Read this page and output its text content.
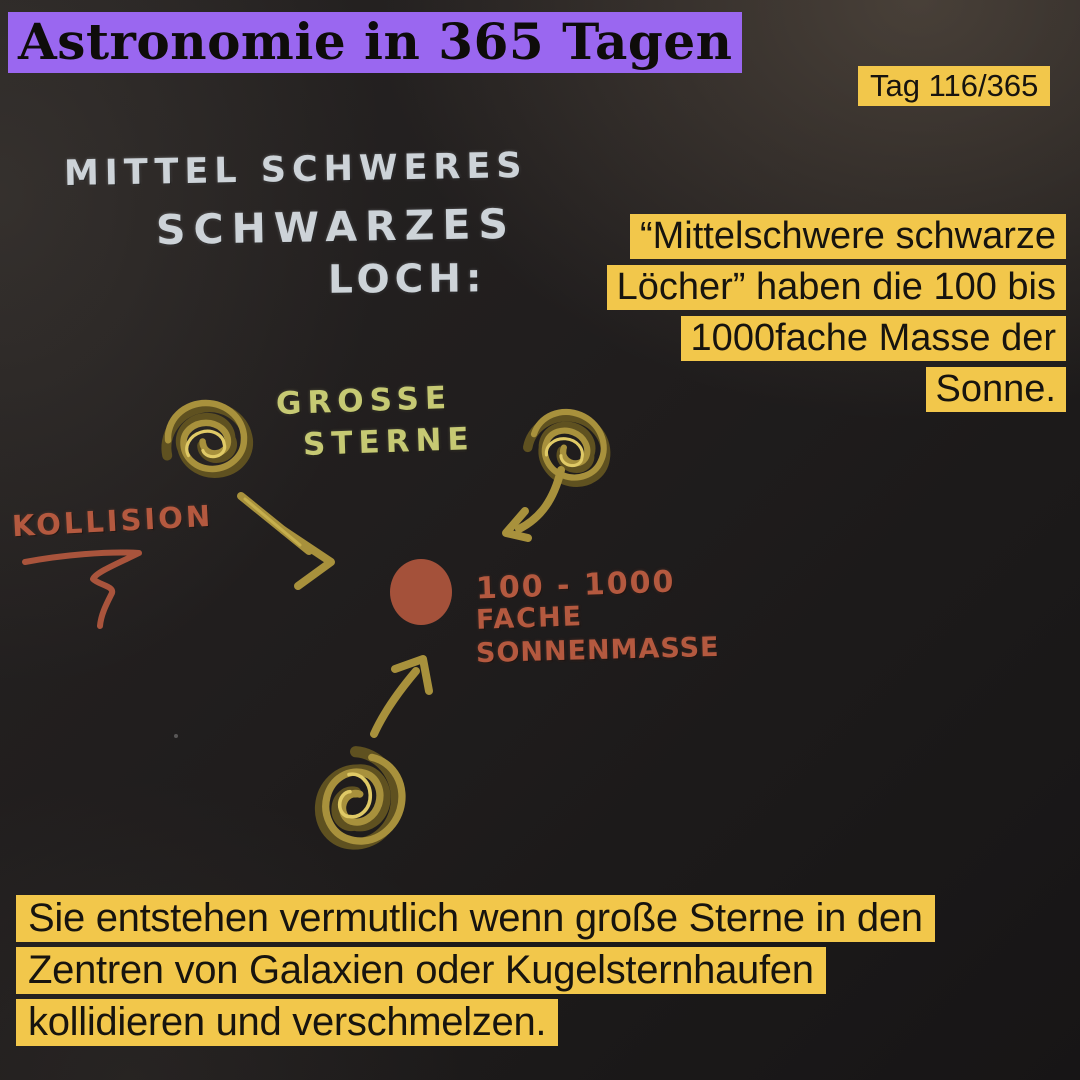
Astronomie in 365 Tagen
Tag 116/365
MITTEL SCHWERES
SCHWARZES
LOCH:
GROSSE
STERNE
KOLLISION
100 - 1000
FACHE
SONNENMASSE
“Mittelschwere schwarze
Löcher” haben die 100 bis
1000fache Masse der
Sonne.
Sie entstehen vermutlich wenn große Sterne in den
Zentren von Galaxien oder Kugelsternhaufen
kollidieren und verschmelzen.
